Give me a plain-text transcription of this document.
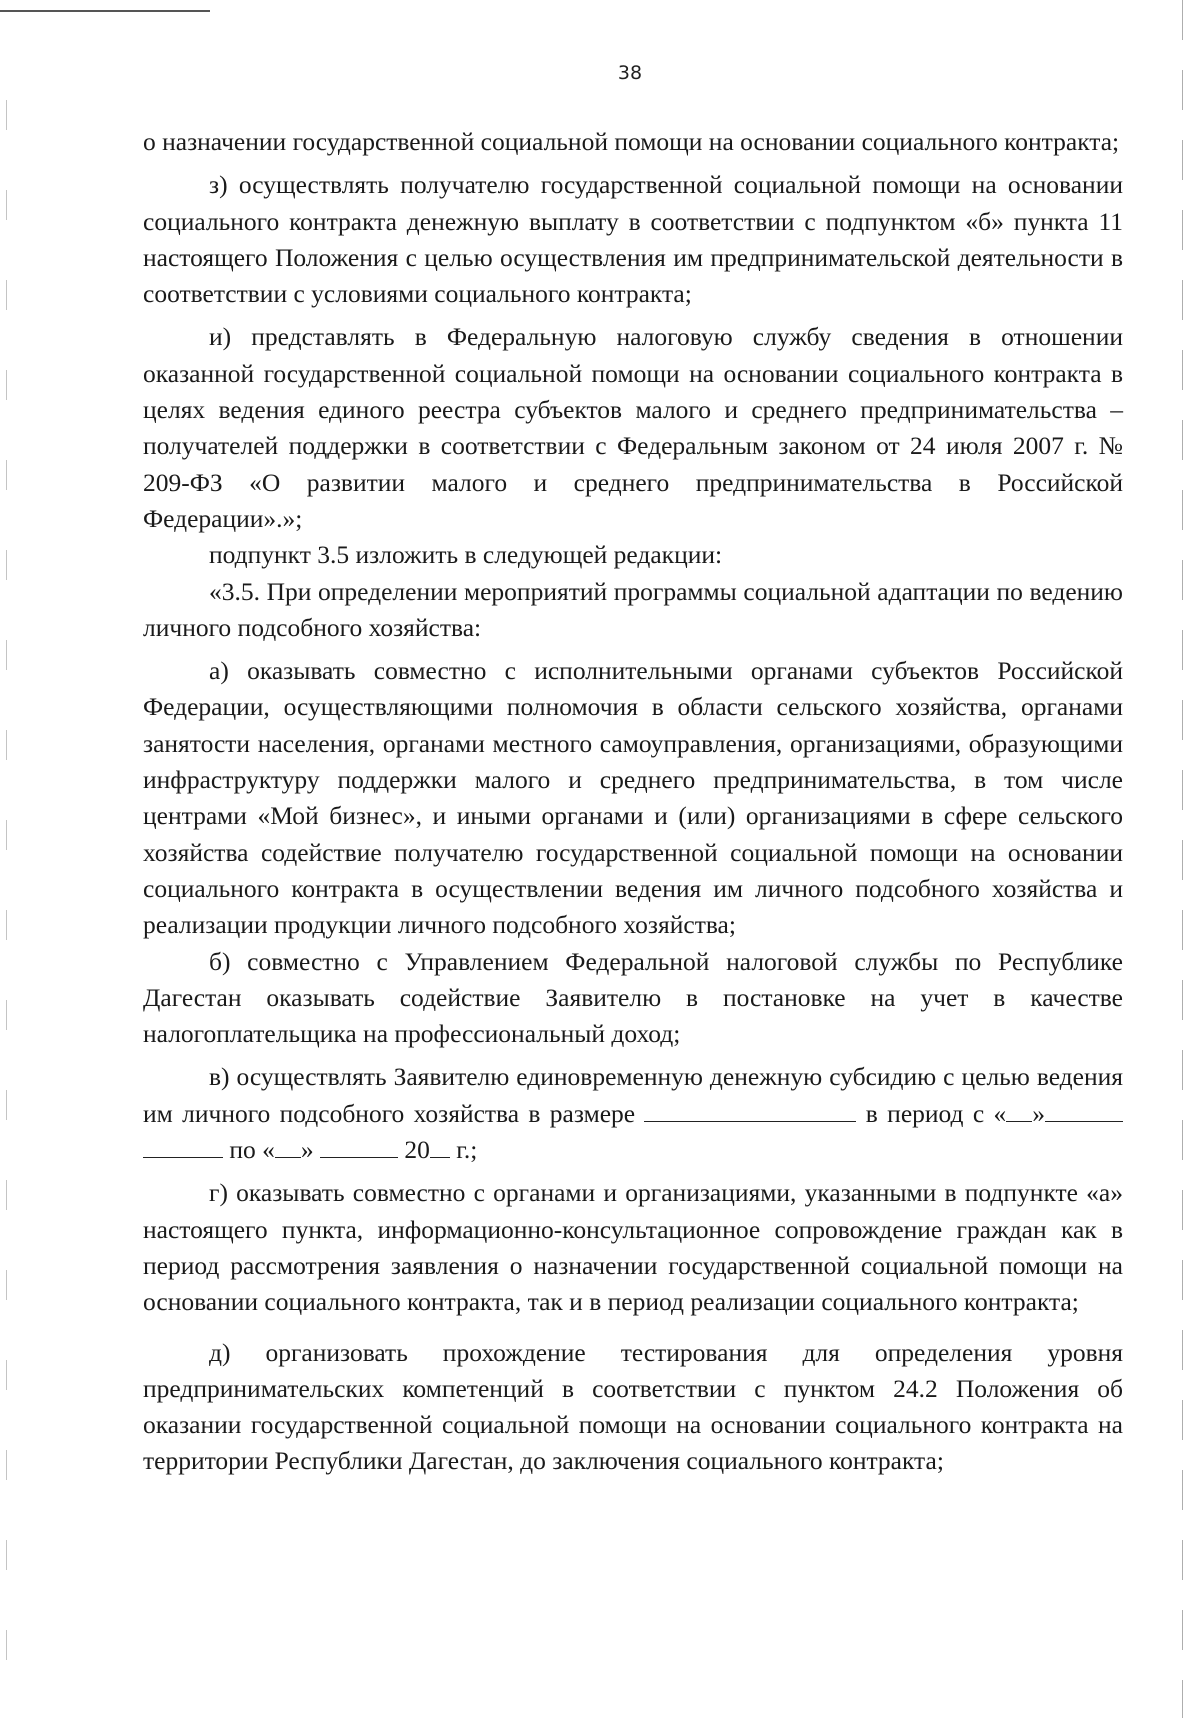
38

о назначении государственной социальной помощи на основании социального контракта;

з) осуществлять получателю государственной социальной помощи на основании социального контракта денежную выплату в соответствии с подпунктом «б» пункта 11 настоящего Положения с целью осуществления им предпринимательской деятельности в соответствии с условиями социального контракта;

и) представлять в Федеральную налоговую службу сведения в отношении оказанной государственной социальной помощи на основании социального контракта в целях ведения единого реестра субъектов малого и среднего предпринимательства – получателей поддержки в соответствии с Федеральным законом от 24 июля 2007 г. № 209-ФЗ «О развитии малого и среднего предпринимательства в Российской Федерации».»;

подпункт 3.5 изложить в следующей редакции:

«3.5. При определении мероприятий программы социальной адаптации по ведению личного подсобного хозяйства:

а) оказывать совместно с исполнительными органами субъектов Российской Федерации, осуществляющими полномочия в области сельского хозяйства, органами занятости населения, органами местного самоуправления, организациями, образующими инфраструктуру поддержки малого и среднего предпринимательства, в том числе центрами «Мой бизнес», и иными органами и (или) организациями в сфере сельского хозяйства содействие получателю государственной социальной помощи на основании социального контракта в осуществлении ведения им личного подсобного хозяйства и реализации продукции личного подсобного хозяйства;

б) совместно с Управлением Федеральной налоговой службы по Республике Дагестан оказывать содействие Заявителю в постановке на учет в качестве налогоплательщика на профессиональный доход;

в) осуществлять Заявителю единовременную денежную субсидию с целью ведения им личного подсобного хозяйства в размере	в период с « »  по « »	20 г.;

г) оказывать совместно с органами и организациями, указанными в подпункте «а» настоящего пункта, информационно-консультационное сопровождение граждан как в период рассмотрения заявления о назначении государственной социальной помощи на основании социального контракта, так и в период реализации социального контракта;

д) организовать прохождение тестирования для определения уровня предпринимательских компетенций в соответствии с пунктом 24.2 Положения об оказании государственной социальной помощи на основании социального контракта на территории Республики Дагестан, до заключения социального контракта;
